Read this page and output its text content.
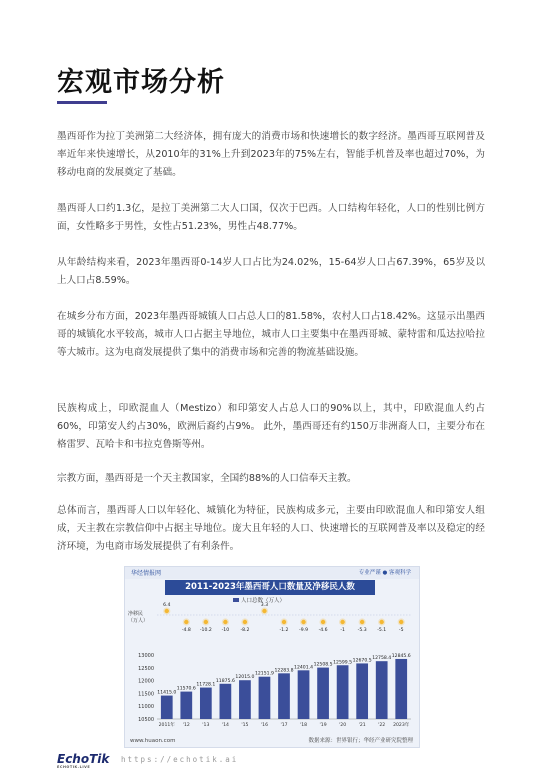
宏观市场分析

墨西哥作为拉丁美洲第二大经济体，拥有庞大的消费市场和快速增长的数字经济。墨西哥互联网普及率近年来快速增长，从2010年的31%上升到2023年的75%左右，智能手机普及率也超过70%，为移动电商的发展奠定了基础。

墨西哥人口约1.3亿，是拉丁美洲第二大人口国，仅次于巴西。人口结构年轻化，人口的性别比例方面，女性略多于男性，女性占51.23%，男性占48.77%。

从年龄结构来看，2023年墨西哥0-14岁人口占比为24.02%，15-64岁人口占67.39%，65岁及以上人口占8.59%。

在城乡分布方面，2023年墨西哥城镇人口占总人口的81.58%，农村人口占18.42%。这显示出墨西哥的城镇化水平较高，城市人口占据主导地位，城市人口主要集中在墨西哥城、蒙特雷和瓜达拉哈拉等大城市。这为电商发展提供了集中的消费市场和完善的物流基础设施。

民族构成上，印欧混血人（Mestizo）和印第安人占总人口的90%以上，其中，印欧混血人约占60%，印第安人约占30%，欧洲后裔约占9%。 此外，墨西哥还有约150万非洲裔人口，主要分布在格雷罗、瓦哈卡和韦拉克鲁斯等州。

宗教方面，墨西哥是一个天主教国家，全国约88%的人口信奉天主教。

总体而言，墨西哥人口以年轻化、城镇化为特征，民族构成多元，主要由印欧混血人和印第安人组成，天主教在宗教信仰中占据主导地位。庞大且年轻的人口、快速增长的互联网普及率以及稳定的经济环境，为电商市场发展提供了有利条件。

华经情报网	专业严谨 ● 客观科学
2011-2023年墨西哥人口数量及净移民人数
10500
11000
11500
12000
12500
13000
人口总数（万人）
净移民
（万人）
11415.0
2011年
6.4
11570.6
'12
-4.8
11728.1
'13
-10.2
11875.6
'14
-10
12015.0
'15
-8.2
12151.9
'16
3.3
12283.8
'17
-1.2
12401.4
'18
-9.9
12508.5
'19
-4.6
12599.5
'20
-1
12670.5
'21
-5.3
12758.4
'22
-5.1
12845.6
2023年
-5
www.huaon.com	数据来源：世界银行；华经产业研究院整理
EchoTik
ECHOTIK.LIVE
https://echotik.ai
